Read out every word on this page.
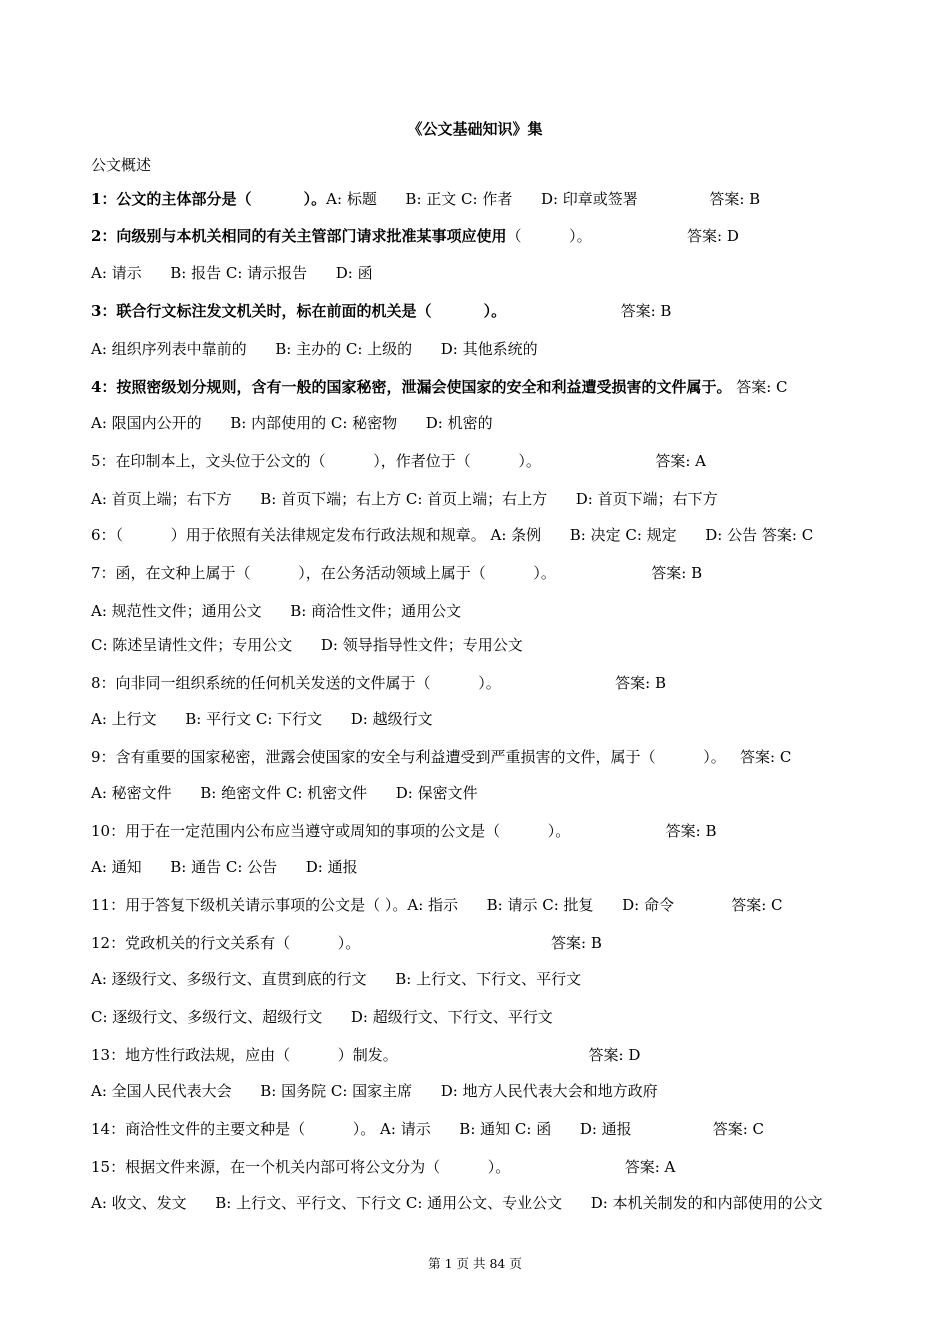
《公文基础知识》集
公文概述
1：公文的主体部分是（          ）。A: 标题      B: 正文 C: 作者      D: 印章或签署               答案: B
2：向级别与本机关相同的有关主管部门请求批准某事项应使用（          ）。                    答案: D
A: 请示      B: 报告 C: 请示报告      D: 函
3：联合行文标注发文机关时，标在前面的机关是（          ）。                        答案: B
A: 组织序列表中靠前的      B: 主办的 C: 上级的      D: 其他系统的
4：按照密级划分规则，含有一般的国家秘密，泄漏会使国家的安全和利益遭受损害的文件属于。 答案: C
A: 限国内公开的      B: 内部使用的 C: 秘密物      D: 机密的
5：在印制本上，文头位于公文的（          ），作者位于（          ）。                        答案: A
A: 首页上端；右下方      B: 首页下端；右上方 C: 首页上端；右上方      D: 首页下端；右下方
6：（          ）用于依照有关法律规定发布行政法规和规章。 A: 条例      B: 决定 C: 规定      D: 公告 答案: C
7：函，在文种上属于（          ），在公务活动领域上属于（          ）。                    答案: B
A: 规范性文件；通用公文      B: 商洽性文件；通用公文
C: 陈述呈请性文件；专用公文      D: 领导指导性文件；专用公文
8：向非同一组织系统的任何机关发送的文件属于（          ）。                        答案: B
A: 上行文      B: 平行文 C: 下行文      D: 越级行文
9：含有重要的国家秘密，泄露会使国家的安全与利益遭受到严重损害的文件，属于（          ）。   答案: C
A: 秘密文件      B: 绝密文件 C: 机密文件      D: 保密文件
10：用于在一定范围内公布应当遵守或周知的事项的公文是（          ）。                    答案: B
A: 通知      B: 通告 C: 公告      D: 通报
11：用于答复下级机关请示事项的公文是（ ）。A: 指示      B: 请示 C: 批复      D: 命令            答案: C
12：党政机关的行文关系有（          ）。                                        答案: B
A: 逐级行文、多级行文、直贯到底的行文      B: 上行文、下行文、平行文
C: 逐级行文、多级行文、超级行文      D: 超级行文、下行文、平行文
13：地方性行政法规，应由（          ）制发。                                        答案: D
A: 全国人民代表大会      B: 国务院 C: 国家主席      D: 地方人民代表大会和地方政府
14：商洽性文件的主要文种是（          ）。 A: 请示      B: 通知 C: 函      D: 通报                 答案: C
15：根据文件来源，在一个机关内部可将公文分为（          ）。                        答案: A
A: 收文、发文      B: 上行文、平行文、下行文 C: 通用公文、专业公文      D: 本机关制发的和内部使用的公文
第 1 页 共 84 页
